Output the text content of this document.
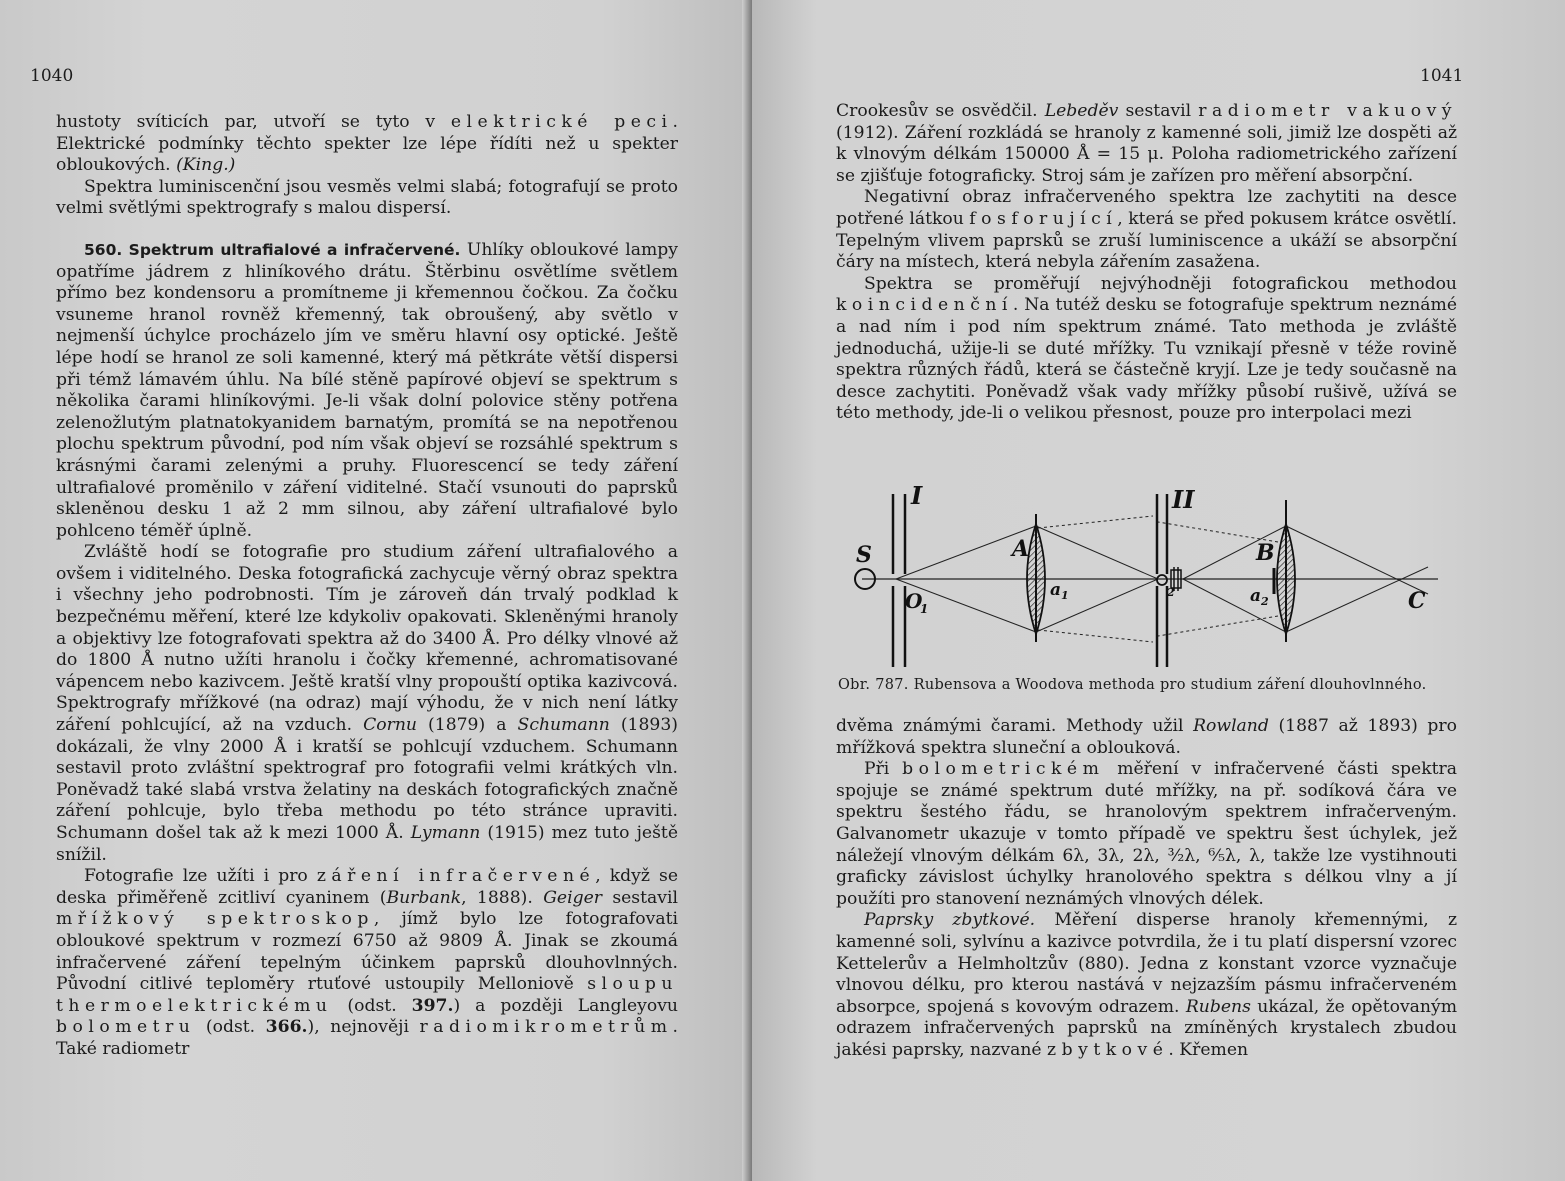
1040

hustoty svíticích par, utvoří se tyto v elektrické peci. Elektrické podmínky těchto spekter lze lépe řídíti než u spekter obloukových. (King.)

Spektra luminiscenční jsou vesměs velmi slabá; fotografují se proto velmi světlými spektrografy s malou dispersí.

560. Spektrum ultrafialové a infračervené. Uhlíky obloukové lampy opatříme jádrem z hliníkového drátu. Štěrbinu osvětlíme světlem přímo bez kondensoru a promítneme ji křemennou čočkou. Za čočku vsuneme hranol rovněž křemenný, tak obroušený, aby světlo v nejmenší úchylce procházelo jím ve směru hlavní osy optické. Ještě lépe hodí se hranol ze soli kamenné, který má pětkráte větší dispersi při témž lámavém úhlu. Na bílé stěně papírové objeví se spektrum s několika čarami hliníkovými. Je-li však dolní polovice stěny potřena zelenožlutým platnatokyanidem barnatým, promítá se na nepotřenou plochu spektrum původní, pod ním však objeví se rozsáhlé spektrum s krásnými čarami zelenými a pruhy. Fluorescencí se tedy záření ultrafialové proměnilo v záření viditelné. Stačí vsunouti do paprsků skleněnou desku 1 až 2 mm silnou, aby záření ultrafialové bylo pohlceno téměř úplně.

Zvláště hodí se fotografie pro studium záření ultrafialového a ovšem i viditelného. Deska fotografická zachycuje věrný obraz spektra i všechny jeho podrobnosti. Tím je zároveň dán trvalý podklad k bezpečnému měření, které lze kdykoliv opakovati. Skleněnými hranoly a objektivy lze fotografovati spektra až do 3400 Å. Pro délky vlnové až do 1800 Å nutno užíti hranolu i čočky křemenné, achromatisované vápencem nebo kazivcem. Ještě kratší vlny propouští optika kazivcová. Spektrografy mřížkové (na odraz) mají výhodu, že v nich není látky záření pohlcující, až na vzduch. Cornu (1879) a Schumann (1893) dokázali, že vlny 2000 Å i kratší se pohlcují vzduchem. Schumann sestavil proto zvláštní spektrograf pro fotografii velmi krátkých vln. Poněvadž také slabá vrstva želatiny na deskách fotografických značně záření pohlcuje, bylo třeba methodu po této stránce upraviti. Schumann došel tak až k mezi 1000 Å. Lymann (1915) mez tuto ještě snížil.

Fotografie lze užíti i pro záření infračervené, když se deska přiměřeně zcitliví cyaninem (Burbank, 1888). Geiger sestavil mřížkový spektroskop, jímž bylo lze fotografovati obloukové spektrum v rozmezí 6750 až 9809 Å. Jinak se zkoumá infračervené záření tepelným účinkem paprsků dlouhovlnných. Původní citlivé teploměry rtuťové ustoupily Melloniově sloupu thermoelektrickému (odst. 397.) a později Langleyovu bolometru (odst. 366.), nejnověji radiomikrometrům. Také radiometr

1041

Crookesův se osvědčil. Lebeděv sestavil radiometr vakuový (1912). Záření rozkládá se hranoly z kamenné soli, jimiž lze dospěti až k vlnovým délkám 150000 Å = 15 μ. Poloha radiometrického zařízení se zjišťuje fotograficky. Stroj sám je zařízen pro měření absorpční.

Negativní obraz infračerveného spektra lze zachytiti na desce potřené látkou fosforující, která se před pokusem krátce osvětlí. Tepelným vlivem paprsků se zruší luminiscence a ukáží se absorpční čáry na místech, která nebyla zářením zasažena.

Spektra se proměřují nejvýhodněji fotografickou methodou koincidenční. Na tutéž desku se fotografuje spektrum neznámé a nad ním i pod ním spektrum známé. Tato methoda je zvláště jednoduchá, užije-li se duté mřížky. Tu vznikají přesně v téže rovině spektra různých řádů, která se částečně kryjí. Lze je tedy současně na desce zachytiti. Poněvadž však vady mřížky působí rušivě, užívá se této methody, jde-li o velikou přesnost, pouze pro interpolaci mezi

dvěma známými čarami. Methody užil Rowland (1887 až 1893) pro mřížková spektra sluneční a oblouková.

Při bolometrickém měření v infračervené části spektra spojuje se známé spektrum duté mřížky, na př. sodíková čára ve spektru šestého řádu, se hranolovým spektrem infračerveným. Galvanometr ukazuje v tomto případě ve spektru šest úchylek, jež náležejí vlnovým délkám 6λ, 3λ, 2λ, ³⁄₂λ, ⁶⁄₅λ, λ, takže lze vystihnouti graficky závislost úchylky hranolového spektra s délkou vlny a jí použíti pro stanovení neznámých vlnových délek.

Paprsky zbytkové. Měření disperse hranoly křemennými, z kamenné soli, sylvínu a kazivce potvrdila, že i tu platí dispersní vzorec Kettelerův a Helmholtzův (880). Jedna z konstant vzorce vyznačuje vlnovou délku, pro kterou nastává v nejzazším pásmu infračerveném absorpce, spojená s kovovým odrazem. Rubens ukázal, že opětovaným odrazem infračervených paprsků na zmíněných krystalech zbudou jakési paprsky, nazvané zbytkové. Křemen

I	II
S
O
1
A
a 1	2
B
a 2	C
Obr. 787. Rubensova a Woodova methoda pro studium záření dlouhovlnného.
